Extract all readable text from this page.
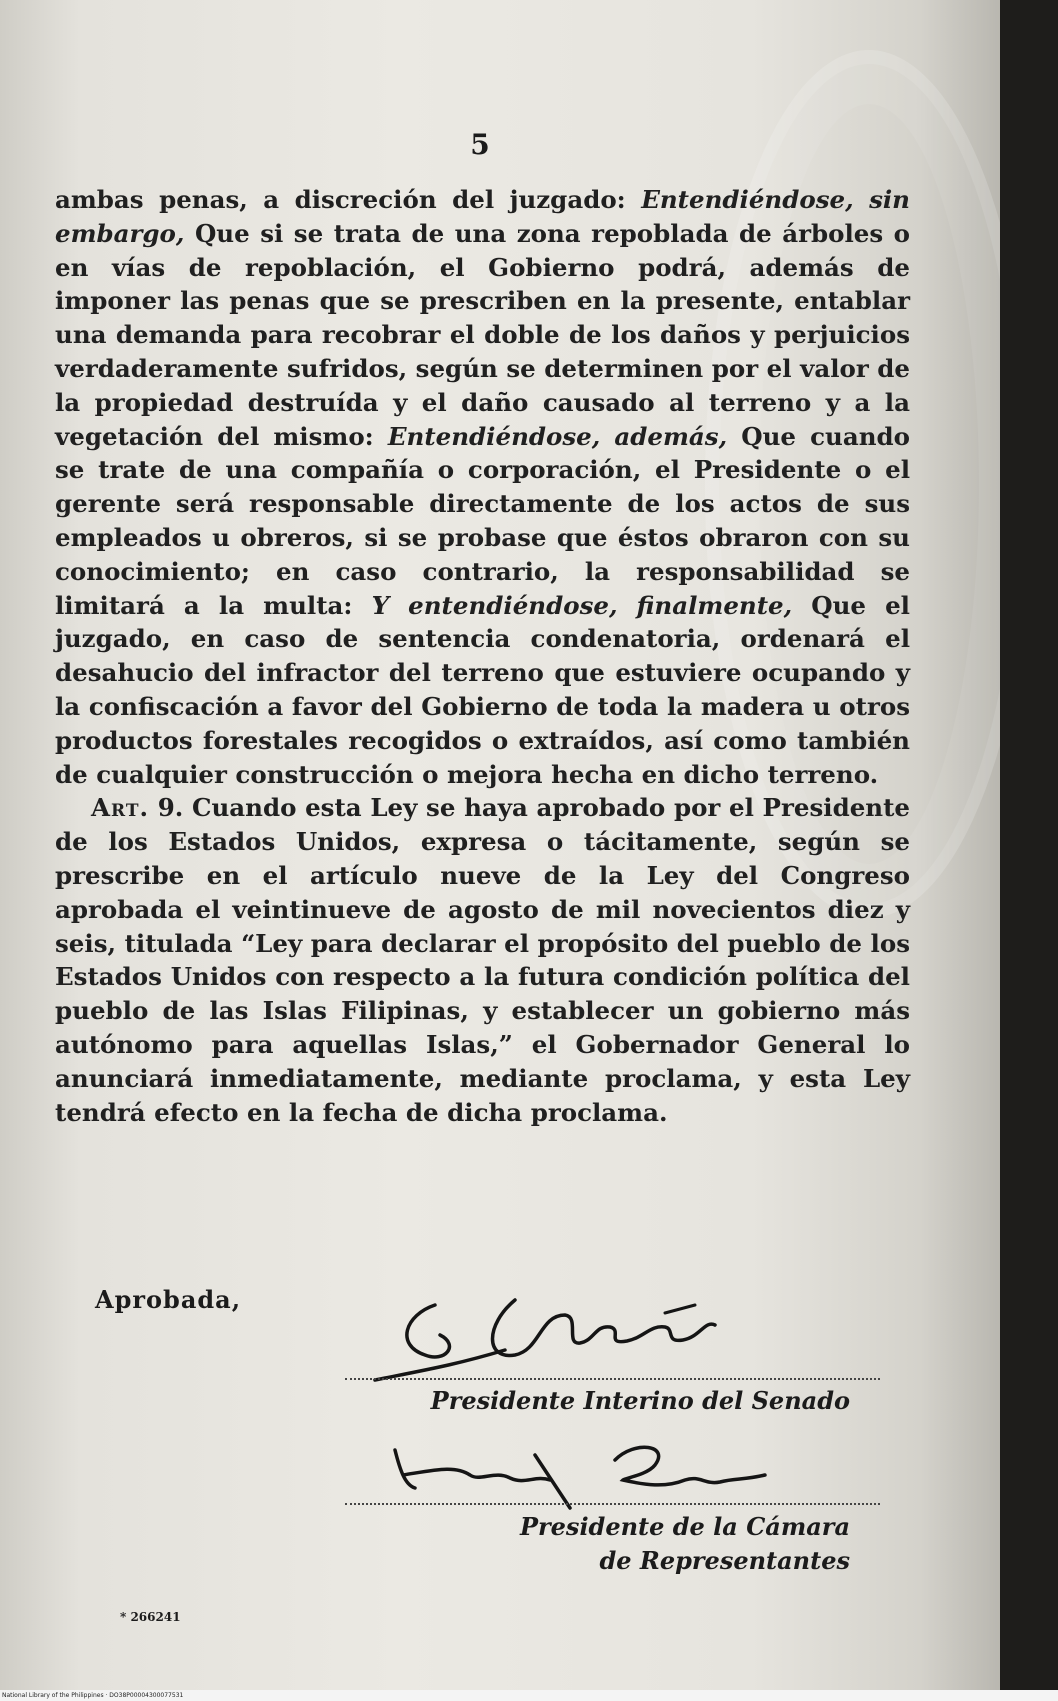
5

ambas penas, a discreción del juzgado: Entendiéndose, sin embargo, Que si se trata de una zona repoblada de árboles o en vías de repoblación, el Gobierno podrá, además de imponer las penas que se prescriben en la presente, entablar una demanda para recobrar el doble de los daños y perjuicios verdaderamente sufridos, según se determinen por el valor de la propiedad destruída y el daño causado al terreno y a la vegetación del mismo: Entendiéndose, además, Que cuando se trate de una compañía o corporación, el Presidente o el gerente será responsable directamente de los actos de sus empleados u obreros, si se probase que éstos obraron con su conocimiento; en caso contrario, la responsabilidad se limitará a la multa: Y entendiéndose, finalmente, Que el juzgado, en caso de sentencia condenatoria, ordenará el desahucio del infractor del terreno que estuviere ocupando y la confiscación a favor del Gobierno de toda la madera u otros productos forestales recogidos o extraídos, así como también de cualquier construcción o mejora hecha en dicho terreno.

Art. 9. Cuando esta Ley se haya aprobado por el Presidente de los Estados Unidos, expresa o tácitamente, según se prescribe en el artículo nueve de la Ley del Congreso aprobada el veintinueve de agosto de mil novecientos diez y seis, titulada “Ley para declarar el propósito del pueblo de los Estados Unidos con respecto a la futura condición política del pueblo de las Islas Filipinas, y establecer un gobierno más autónomo para aquellas Islas,” el Gobernador General lo anunciará inmediatamente, mediante proclama, y esta Ley tendrá efecto en la fecha de dicha proclama.

Aprobada,
Presidente Interino del Senado
Presidente de la Cámara
de Representantes
* 266241
National Library of the Philippines · DO38P00004300077531
